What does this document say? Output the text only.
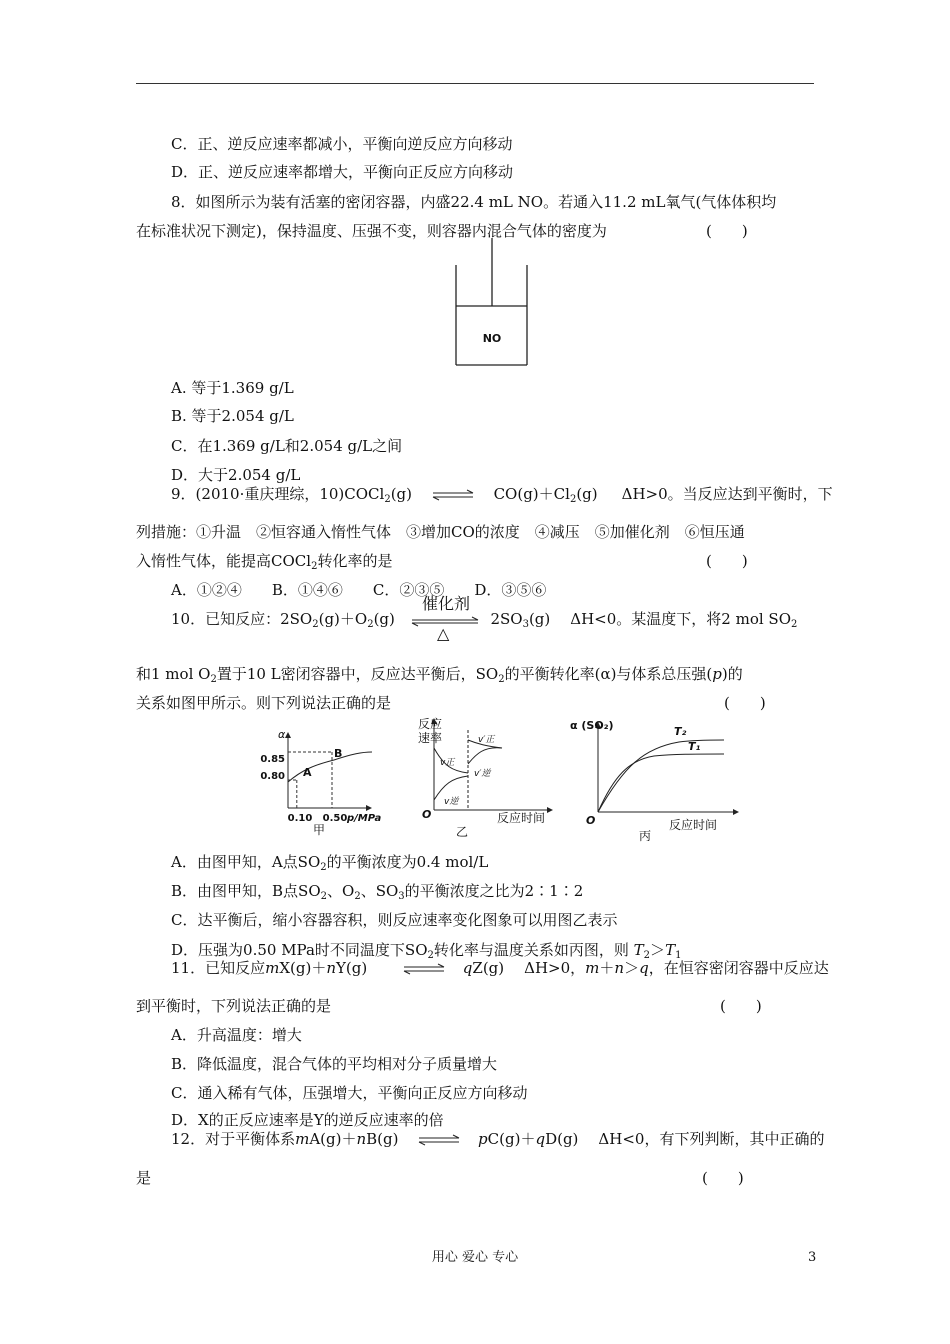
C．正、逆反应速率都减小，平衡向逆反应方向移动
D．正、逆反应速率都增大，平衡向正反应方向移动
8．如图所示为装有活塞的密闭容器，内盛22.4 mL NO。若通入11.2 mL氧气(气体体积均
在标准状况下测定)，保持温度、压强不变，则容器内混合气体的密度为	(　　)
NO
A. 等于1.369 g/L
B. 等于2.054 g/L
C．在1.369 g/L和2.054 g/L之间
D．大于2.054 g/L
9．(2010·重庆理综，10)COCl$_2$(g) ⇌ $CO(g)+Cl_2(g)$ ΔH>0。当反应达到平衡时，下
列措施：①升温　②恒容通入惰性气体　③增加CO的浓度　④减压　⑤加催化剂　⑥恒压通
入惰性气体，能提高COCl$_2$转化率的是	(　　)
A．①②④　　B．①④⑥　　C．②③⑤　　D．③⑤⑥
10．已知反应：$2SO_2(g)+O_2(g)$	$2SO_3(g)$ ΔH<0。某温度下，将2 mol $SO_2$
催化剂
△
和1 mol $O_2$置于10 L密闭容器中，反应达平衡后，$SO_2$的平衡转化率(α)与体系总压强(p)的
关系如图甲所示。则下列说法正确的是	(　　)
α
0.85
0.80
0.10 0.50 p/MPa
A
B
甲
O
v正
v逆
v′正
v′逆
反应
速率
反应时间
乙
O
α (SO₂)	T₂
T₁
反应时间
丙
A．由图甲知，A点$SO_2$的平衡浓度为0.4 mol/L
B．由图甲知，B点$SO_2$、$O_2$、$SO_3$的平衡浓度之比为2∶1∶2
C．达平衡后，缩小容器容积，则反应速率变化图象可以用图乙表示
D．压强为0.50 MPa时不同温度下$SO_2$转化率与温度关系如丙图，则 $T_2>T_1$
11．已知反应mX(g)＋nY(g) ⇌ qZ(g) ΔH>0，m＋n＞q，在恒容密闭容器中反应达
到平衡时，下列说法正确的是	(　　)
A．升高温度：增大
B．降低温度，混合气体的平均相对分子质量增大
C．通入稀有气体，压强增大，平衡向正反应方向移动
D．X的正反应速率是Y的逆反应速率的倍
12．对于平衡体系mA(g)＋nB(g) ⇌ pC(g)＋qD(g) ΔH<0，有下列判断，其中正确的
是	(　　)
用心 爱心 专心	3
